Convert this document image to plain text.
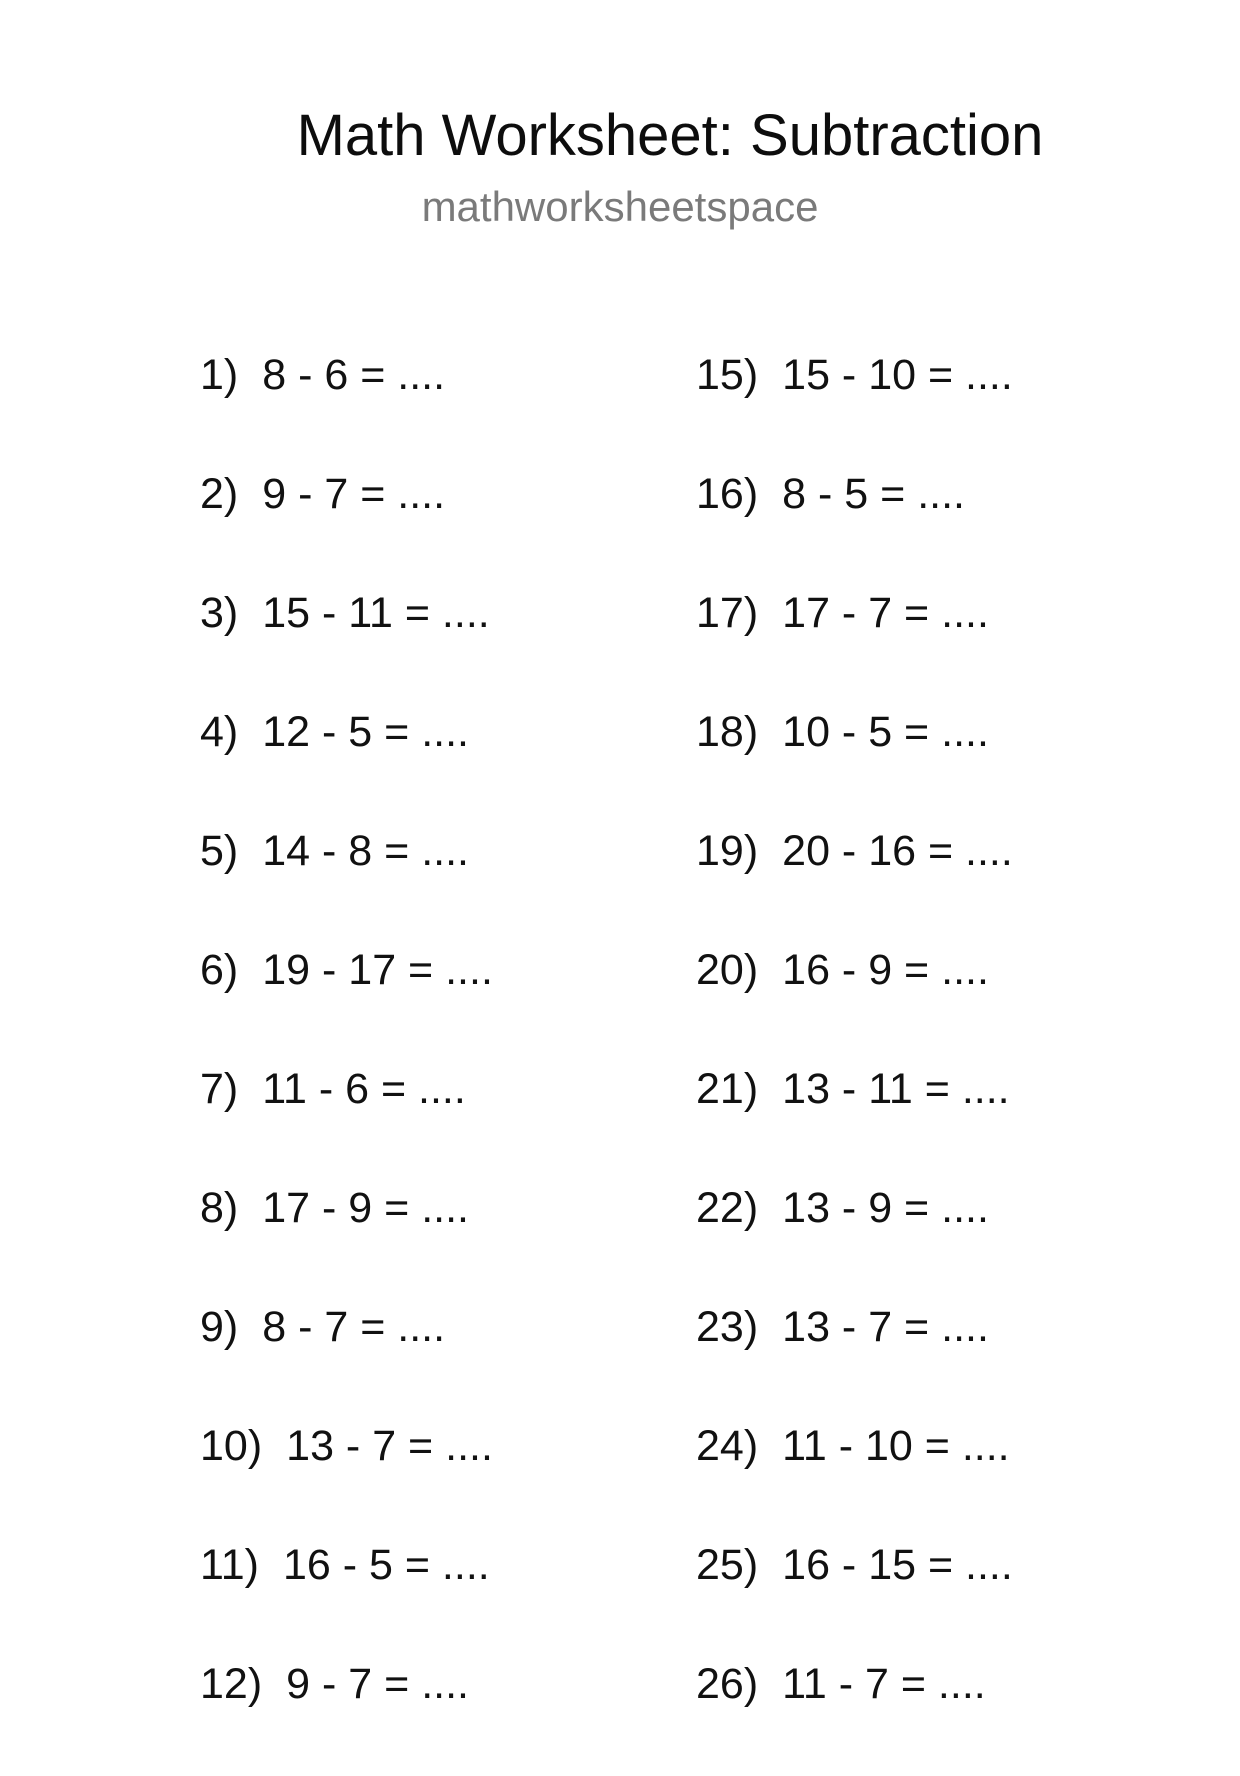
Math Worksheet: Subtraction
mathworksheetspace
1) 8 - 6 = ....
2) 9 - 7 = ....
3) 15 - 11 = ....
4) 12 - 5 = ....
5) 14 - 8 = ....
6) 19 - 17 = ....
7) 11 - 6 = ....
8) 17 - 9 = ....
9) 8 - 7 = ....
10) 13 - 7 = ....
11) 16 - 5 = ....
12) 9 - 7 = ....
15) 15 - 10 = ....
16) 8 - 5 = ....
17) 17 - 7 = ....
18) 10 - 5 = ....
19) 20 - 16 = ....
20) 16 - 9 = ....
21) 13 - 11 = ....
22) 13 - 9 = ....
23) 13 - 7 = ....
24) 11 - 10 = ....
25) 16 - 15 = ....
26) 11 - 7 = ....
